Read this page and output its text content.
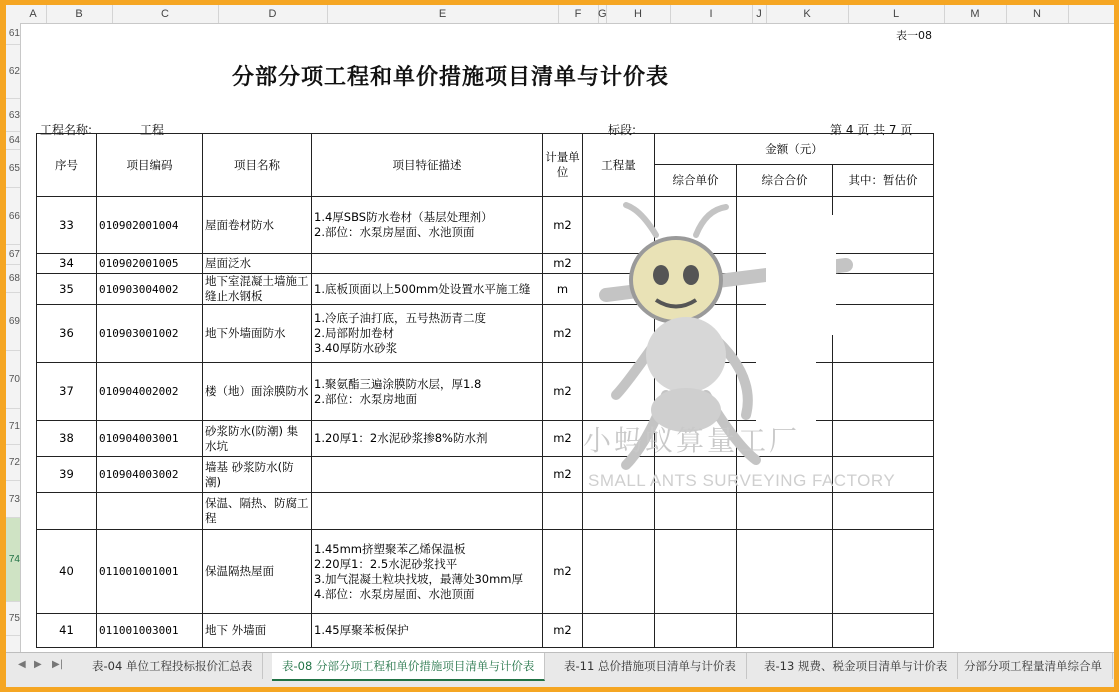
A	B	C	D	E	F	G	H	I	J	K	L	M	N
61
62
63
64
65
66
67
68
69
70
71
72
73
74
75
表一08
分部分项工程和单价措施项目清单与计价表
工程名称:	工程	标段:	第 4 页 共 7 页
序号	项目编码	项目名称	项目特征描述	计量单位	工程量	金额（元）		
						综合单价	综合合价	其中：暂估价
33	010902001004	屋面卷材防水	1.4厚SBS防水卷材（基层处理剂）
2.部位：水泵房屋面、水池顶面	m2				
34	010902001005	屋面泛水		m2				
35	010903004002	地下室混凝土墙施工缝止水钢板	1.底板顶面以上500mm处设置水平施工缝	m				
36	010903001002	地下外墙面防水	1.冷底子油打底，五号热沥青二度
2.局部附加卷材
3.40厚防水砂浆	m2				
37	010904002002	楼（地）面涂膜防水	1.聚氨酯三遍涂膜防水层，厚1.8
2.部位：水泵房地面	m2				
38	010904003001	砂浆防水(防潮) 集水坑	1.20厚1：2水泥砂浆掺8%防水剂	m2				
39	010904003002	墙基 砂浆防水(防潮)		m2				
		保温、隔热、防腐工程						
40	011001001001	保温隔热屋面	1.45mm挤塑聚苯乙烯保温板
2.20厚1：2.5水泥砂浆找平
3.加气混凝土粒块找坡，最薄处30mm厚
4.部位：水泵房屋面、水池顶面	m2				
41	011001003001	地下 外墙面	1.45厚聚苯板保护	m2				
小蚂蚁算量工厂
SMALL ANTS SURVEYING FACTORY
◀ ▶ ▶|	表-04 单位工程投标报价汇总表	表-08 分部分项工程和单价措施项目清单与计价表	表-11 总价措施项目清单与计价表	表-13 规费、税金项目清单与计价表	分部分项工程量清单综合单
